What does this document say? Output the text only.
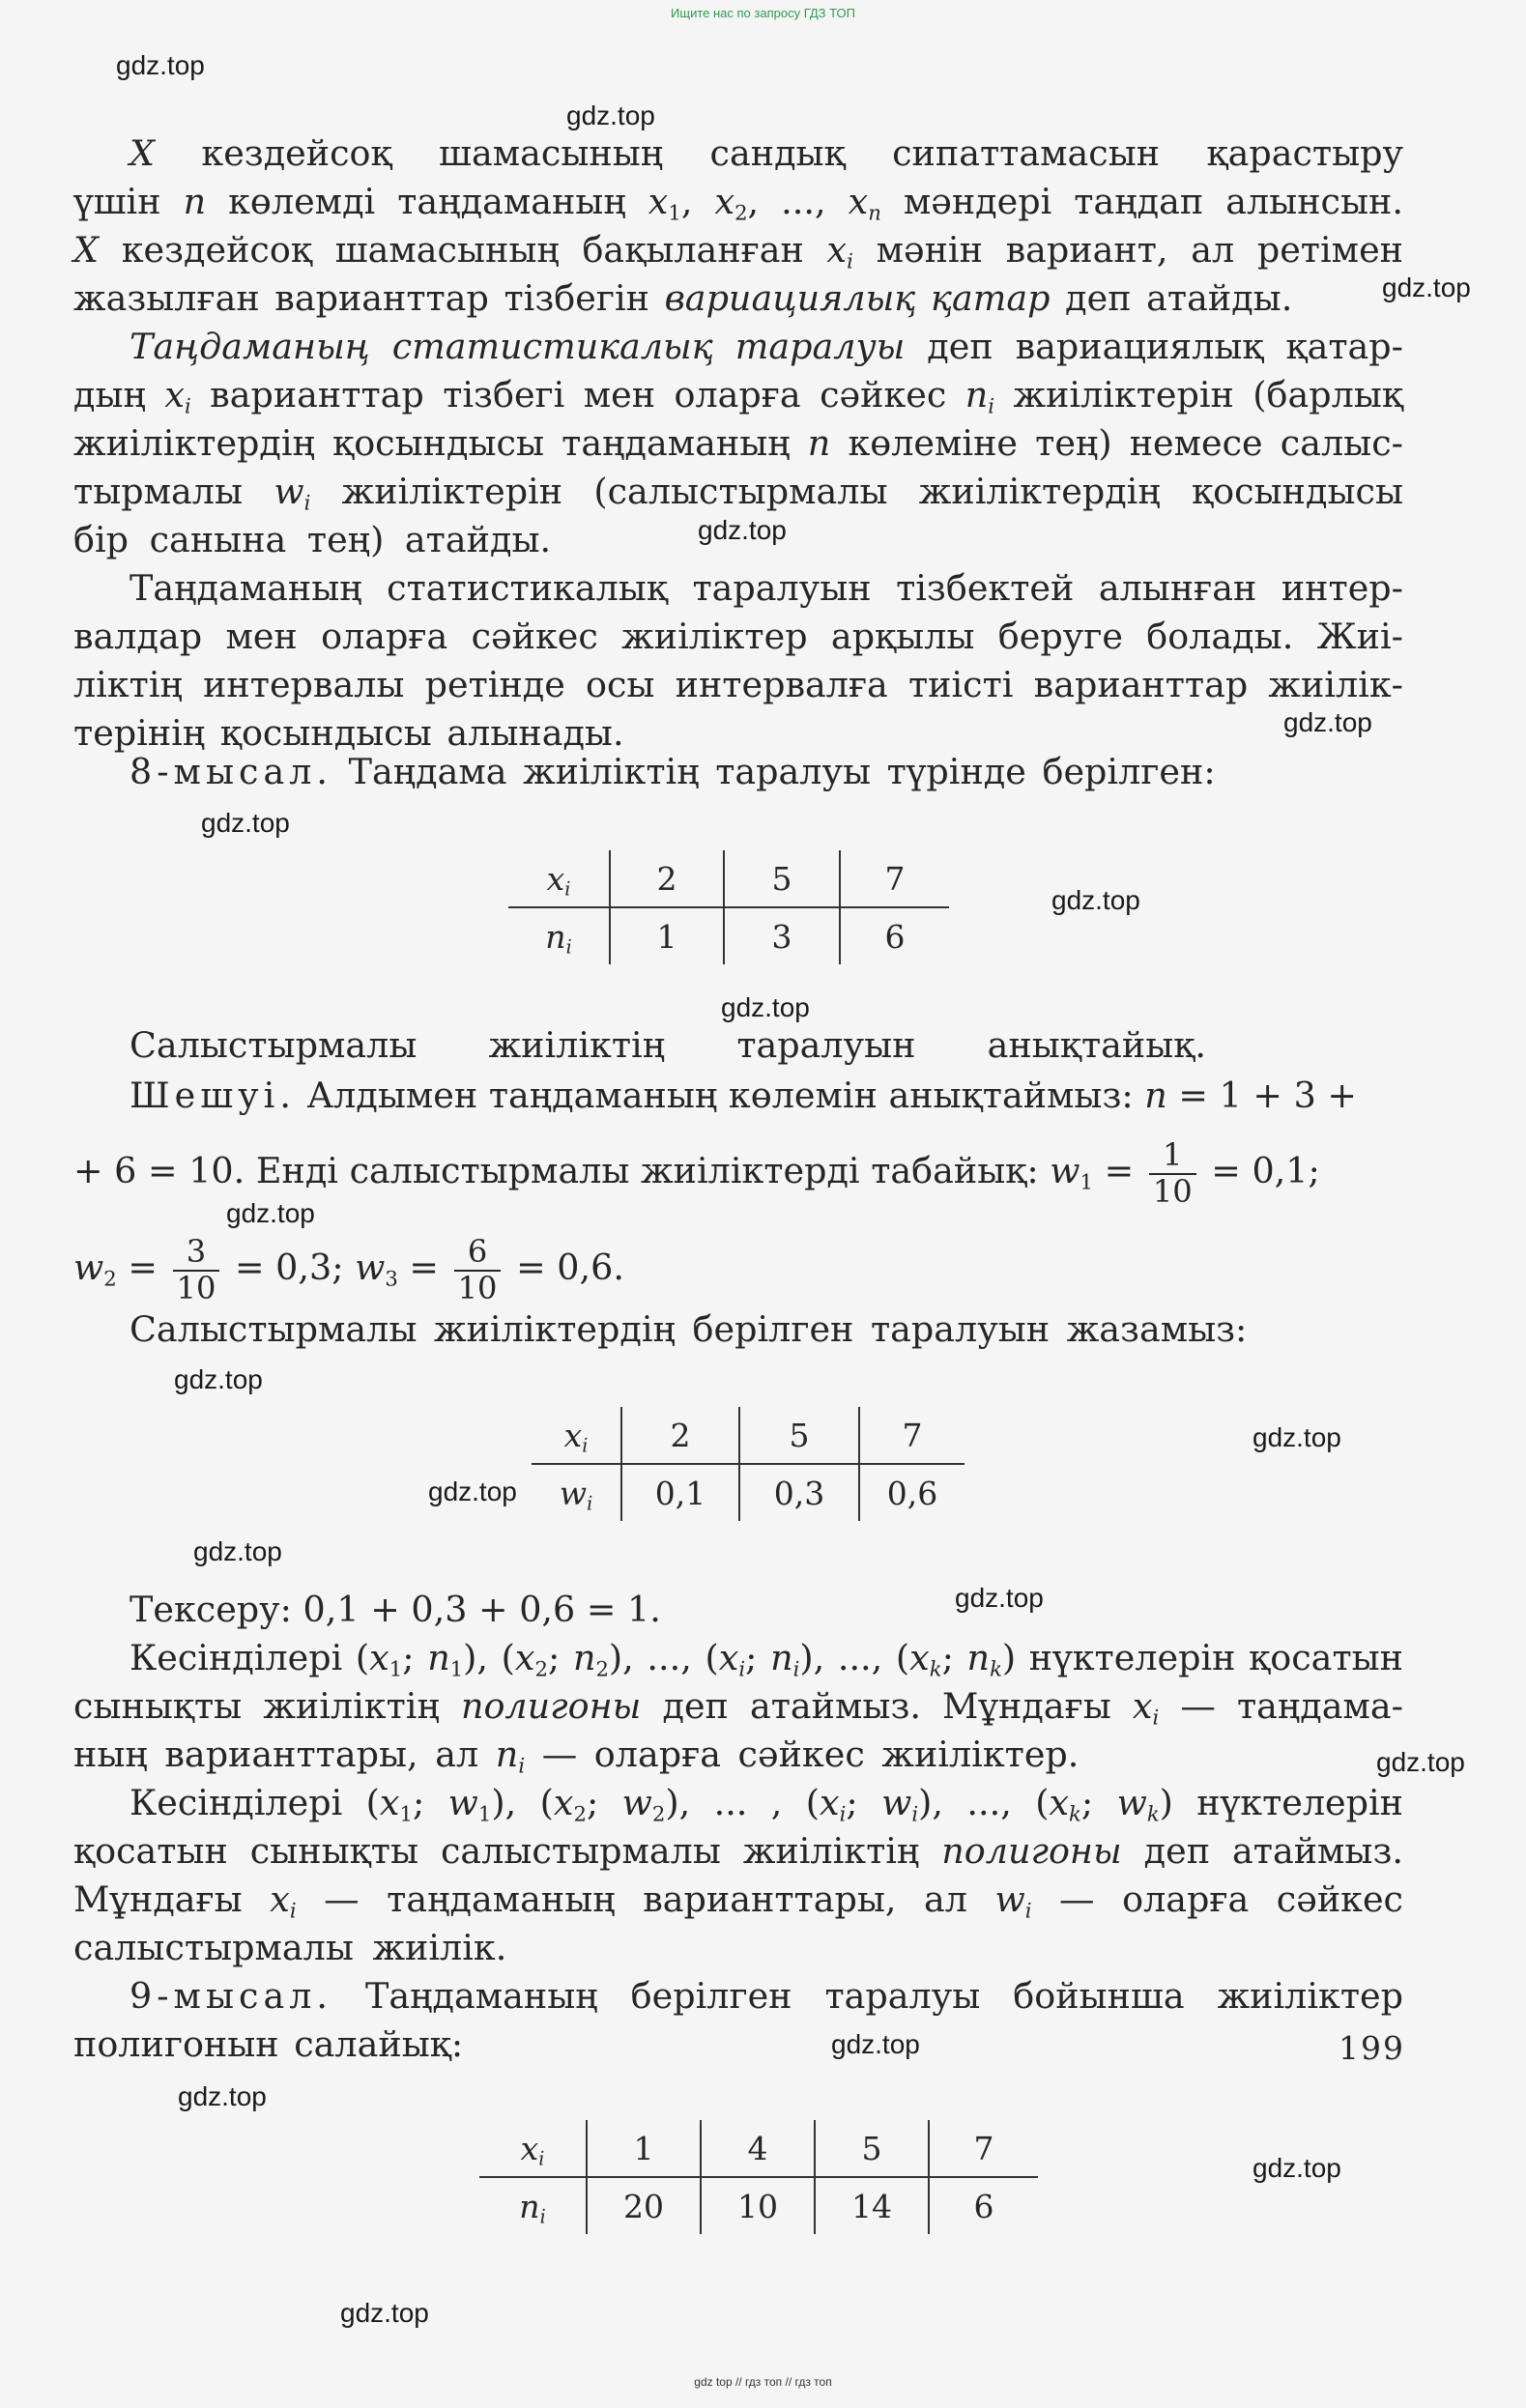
Ищите нас по запросу ГДЗ ТОП
gdz.top
gdz.top
gdz.top
gdz.top
gdz.top
gdz.top
gdz.top
gdz.top
gdz.top
gdz.top
gdz.top
gdz.top
gdz.top
gdz.top
gdz.top
gdz.top
gdz.top
gdz.top
gdz.top
X кездейсоқ шамасының сандық сипаттамасын қарастыру
үшін n көлемді таңдаманың $x_1$, $x_2$, ..., $x_n$ мәндері таңдап алынсын.
X кездейсоқ шамасының бақыланған $x_i$ мәнін вариант, ал ретімен
жазылған варианттар тізбегін вариациялық қатар деп атайды.
Таңдаманың статистикалық таралуы деп вариациялық қатар-
дың $x_i$ варианттар тізбегі мен оларға сәйкес $n_i$ жиіліктерін (барлық
жиіліктердің қосындысы таңдаманың n көлеміне тең) немесе салыс-
тырмалы $w_i$ жиіліктерін (салыстырмалы жиіліктердің қосындысы
бір санына тең) атайды.
Таңдаманың статистикалық таралуын тізбектей алынған интер-
валдар мен оларға сәйкес жиіліктер арқылы беруге болады. Жиі-
ліктің интервалы ретінде осы интервалға тиісті варианттар жиілік-
терінің қосындысы алынады.
8-мысал. Таңдама жиіліктің таралуы түрінде берілген:
$x_i$	2	5	7
$n_i$	1	3	6
Салыстырмалы жиіліктің таралуын анықтайық.
Шешуі. Алдымен таңдаманың көлемін анықтаймыз: n = 1 + 3 +
+ 6 = 10. Енді салыстырмалы жиіліктерді табайық: $w_1 = \frac{1}{10} = 0,1$;
$w_2 = \frac{3}{10} = 0,3$; $w_3 = \frac{6}{10} = 0,6$.
Салыстырмалы жиіліктердің берілген таралуын жазамыз:
$x_i$	2	5	7
$w_i$	0,1	0,3	0,6
Тексеру: 0,1 + 0,3 + 0,6 = 1.
Кесінділері ($x_1$; $n_1$), ($x_2$; $n_2$), ..., ($x_i$; $n_i$), ..., ($x_k$; $n_k$) нүктелерін қосатын
сынықты жиіліктің полигоны деп атаймыз. Мұндағы $x_i$ — таңдама-
ның варианттары, ал $n_i$ — оларға сәйкес жиіліктер.
Кесінділері ($x_1$; $w_1$), ($x_2$; $w_2$), ... , ($x_i$; $w_i$), ..., ($x_k$; $w_k$) нүктелерін
қосатын сынықты салыстырмалы жиіліктің полигоны деп атаймыз.
Мұндағы $x_i$ — таңдаманың варианттары, ал $w_i$ — оларға сәйкес
салыстырмалы жиілік.
9-мысал. Таңдаманың берілген таралуы бойынша жиіліктер
полигонын салайық:
$x_i$	1	4	5	7
$n_i$	20	10	14	6
199
gdz top // гдз топ // гдз топ
